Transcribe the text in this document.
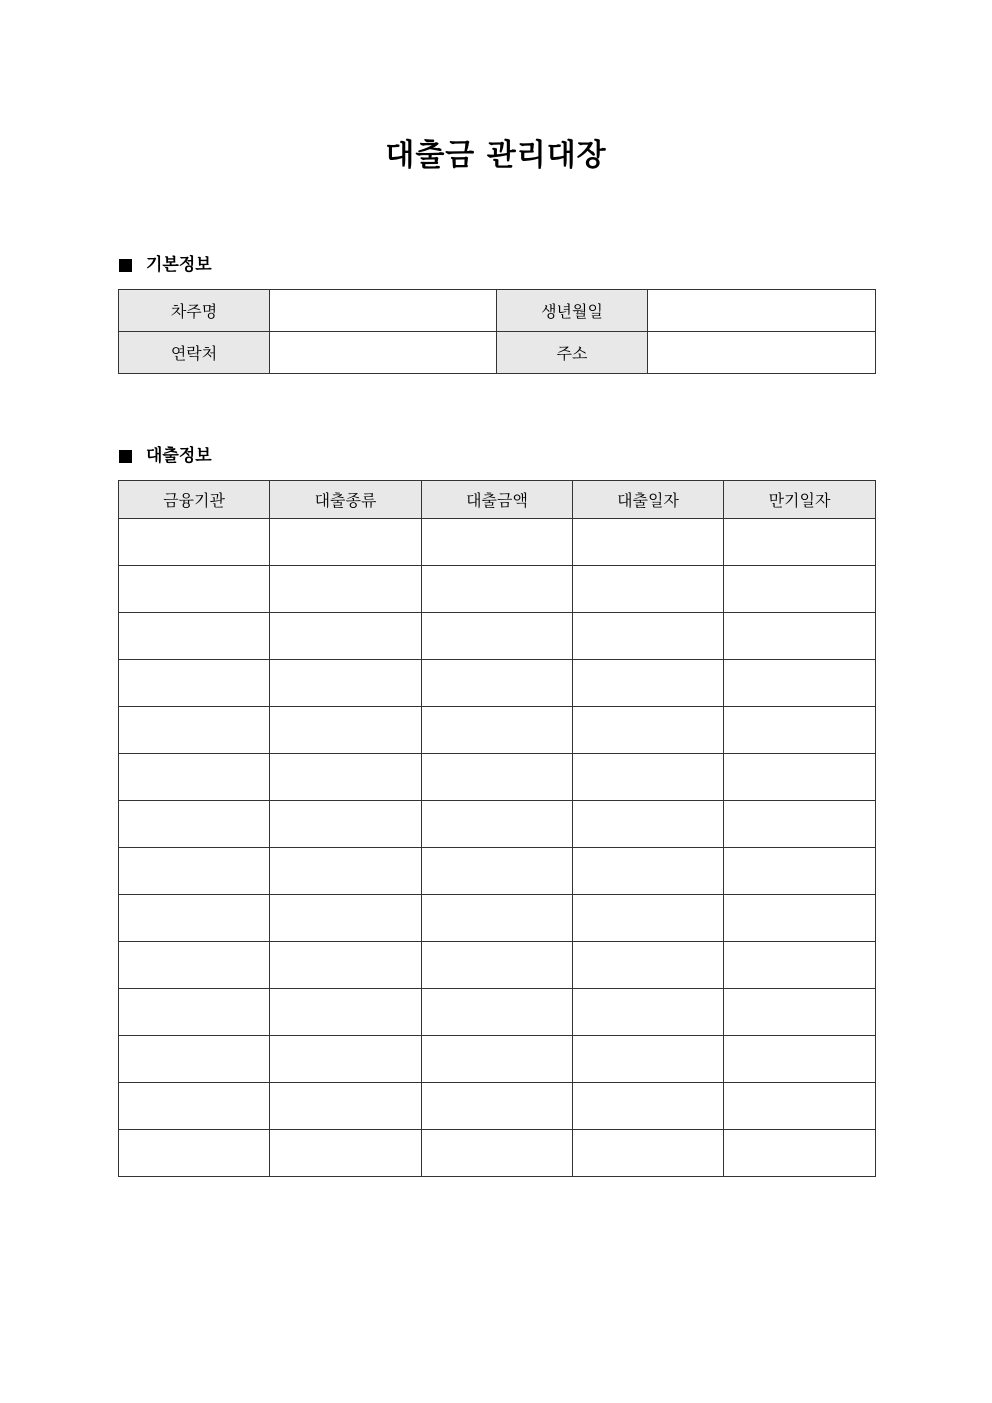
대출금 관리대장
기본정보
차주명		생년월일	
연락처		주소	
대출정보
금융기관	대출종류	대출금액	대출일자	만기일자
